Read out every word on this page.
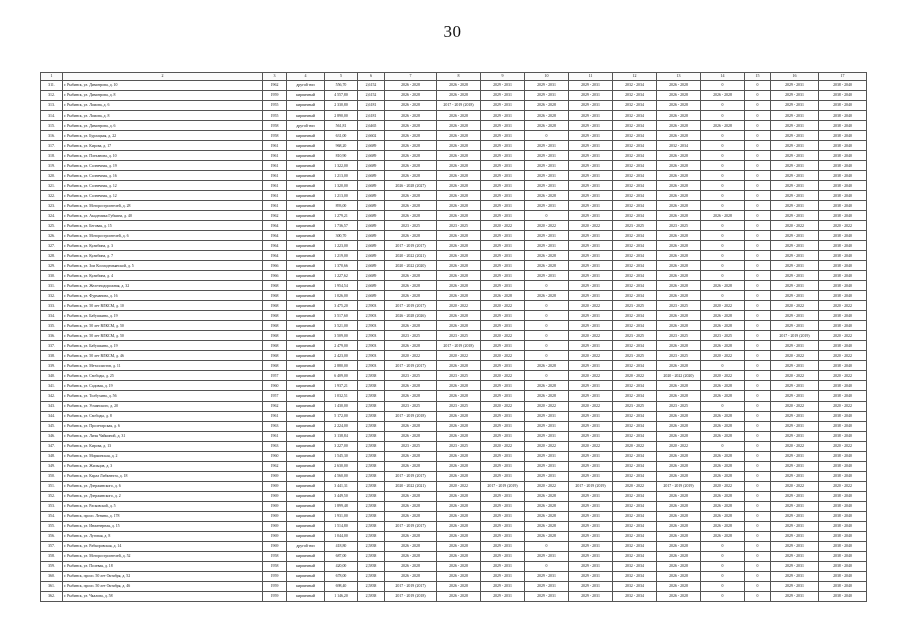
30
1	2	3	4	5	6	7	8	9	10	11	12	13	14	15	16	17
311.	г. Рыбинск, ул. Димитрова, д. 10	1962	другой тип	556,70	2,6152	2026 - 2028	2026 - 2028	2029 - 2031	2029 - 2031	2029 - 2031	2032 - 2034	2026 - 2028	0	0	2029 - 2031	2038 - 2040
312.	г. Рыбинск, ул. Димитрова, д. 8	1959	кирпичный	4 557,80	2,6152	2026 - 2028	2026 - 2028	2029 - 2031	2029 - 2031	2029 - 2031	2032 - 2034	2026 - 2028	2026 - 2028	0	2029 - 2031	2038 - 2040
313.	г. Рыбинск, ул. Ломова, д. 6	1955	кирпичный	2 330,80	2,6181	2026 - 2028	2017 - 2019 (2018)	2029 - 2031	2026 - 2028	2029 - 2031	2032 - 2034	2026 - 2028	0	0	2029 - 2031	2038 - 2040
314.	г. Рыбинск, ул. Ломова, д. 8	1955	кирпичный	2 890,00	2,6181	2026 - 2028	2026 - 2028	2029 - 2031	2026 - 2028	2029 - 2031	2032 - 2034	2026 - 2028	0	0	2029 - 2031	2038 - 2040
315.	г. Рыбинск, ул. Димитрова, д. 6	1958	другой тип	561,81	2,6465	2026 - 2028	2026 - 2028	2029 - 2031	2026 - 2028	2029 - 2031	2032 - 2034	2026 - 2028	2026 - 2028	0	2029 - 2031	2038 - 2040
316.	г. Рыбинск, ул. Бурлацкая, д. 22	1958	кирпичный	631,00	2,6602	2026 - 2028	2026 - 2028	2029 - 2031	0	2029 - 2031	2032 - 2034	2026 - 2028	0	0	2029 - 2031	2038 - 2040
317.	г. Рыбинск, ул. Кирова, д. 17	1961	кирпичный	968,20	2,6689	2026 - 2028	2026 - 2028	2029 - 2031	2029 - 2031	2029 - 2031	2032 - 2034	2032 - 2034	0	0	2029 - 2031	2038 - 2040
318.	г. Рыбинск, ул. Плеханова, д. 10	1961	кирпичный	810,90	2,6689	2026 - 2028	2026 - 2028	2029 - 2031	2029 - 2031	2029 - 2031	2032 - 2034	2026 - 2028	0	0	2029 - 2031	2038 - 2040
319.	г. Рыбинск, ул. Солнечная, д. 19	1961	кирпичный	1 322,00	2,6689	2026 - 2028	2026 - 2028	2029 - 2031	2029 - 2031	2029 - 2031	2032 - 2034	2026 - 2028	0	0	2029 - 2031	2038 - 2040
320.	г. Рыбинск, ул. Солнечная, д. 16	1961	кирпичный	1 213,00	2,6689	2026 - 2028	2026 - 2028	2029 - 2031	2029 - 2031	2029 - 2031	2032 - 2034	2026 - 2028	0	0	2029 - 2031	2038 - 2040
321.	г. Рыбинск, ул. Солнечная, д. 12	1961	кирпичный	1 320,00	2,6689	2026 - 2028 (2027)	2026 - 2028	2029 - 2031	2029 - 2031	2029 - 2031	2032 - 2034	2026 - 2028	0	0	2029 - 2031	2038 - 2040
322.	г. Рыбинск, ул. Солнечная, д. 12	1961	кирпичный	1 213,00	2,6689	2026 - 2028	2026 - 2028	2029 - 2031	2026 - 2028	2029 - 2031	2032 - 2034	2026 - 2028	0	0	2029 - 2031	2038 - 2040
323.	г. Рыбинск, ул. Моторостроителей, д. 28	1961	кирпичный	893,00	2,6689	2026 - 2028	2026 - 2028	2029 - 2031	2029 - 2031	2029 - 2031	2032 - 2034	2026 - 2028	0	0	2029 - 2031	2038 - 2040
324.	г. Рыбинск, ул. Академика Губкина, д. 40	1962	кирпичный	1 279,21	2,6689	2026 - 2028	2026 - 2028	2029 - 2031	0	2029 - 2031	2032 - 2034	2026 - 2028	2026 - 2028	0	2029 - 2031	2038 - 2040
325.	г. Рыбинск, ул. Беговая, д. 15	1964	кирпичный	1 736,57	2,6689	2023 - 2025	2023 - 2025	2020 - 2022	2020 - 2022	2020 - 2022	2023 - 2025	2023 - 2025	0	0	2020 - 2022	2020 - 2022
326.	г. Рыбинск, ул. Моторостроителей, д. 6	1964	кирпичный	300,70	2,6689	2026 - 2028	2026 - 2028	2029 - 2031	2029 - 2031	2029 - 2031	2032 - 2034	2026 - 2028	0	0	2029 - 2031	2038 - 2040
327.	г. Рыбинск, ул. Кулибина, д. 3	1964	кирпичный	1 223,00	2,6689	2017 - 2019 (2017)	2026 - 2028	2029 - 2031	2029 - 2031	2029 - 2031	2032 - 2034	2026 - 2028	0	0	2029 - 2031	2038 - 2040
328.	г. Рыбинск, ул. Кулибина, д. 7	1964	кирпичный	1 219,00	2,6689	2020 - 2022 (2021)	2026 - 2028	2029 - 2031	2026 - 2028	2029 - 2031	2032 - 2034	2026 - 2028	0	0	2029 - 2031	2038 - 2040
329.	г. Рыбинск, ул. Зои Космодемьянской, д. 5	1966	кирпичный	1 370,66	2,6689	2020 - 2022 (2020)	2026 - 2028	2029 - 2031	2026 - 2028	2029 - 2031	2032 - 2034	2026 - 2028	0	0	2029 - 2031	2038 - 2040
330.	г. Рыбинск, ул. Кулибина, д. 4	1966	кирпичный	1 227,62	2,6689	2026 - 2028	2026 - 2028	2029 - 2031	2029 - 2031	2029 - 2031	2032 - 2034	2026 - 2028	0	0	2029 - 2031	2038 - 2040
331.	г. Рыбинск, ул. Железнодорожная, д. 32	1968	кирпичный	1 954,54	2,6689	2026 - 2028	2026 - 2028	2029 - 2031	0	2029 - 2031	2032 - 2034	2026 - 2028	2026 - 2028	0	2029 - 2031	2038 - 2040
332.	г. Рыбинск, ул. Фурманова, д. 16	1968	кирпичный	1 026,00	2,6689	2026 - 2028	2026 - 2028	2026 - 2028	2026 - 2028	2029 - 2031	2032 - 2034	2026 - 2028	0	0	2029 - 2031	2038 - 2040
333.	г. Рыбинск, ул. 50 лет ВЛКСМ, д. 10	1968	кирпичный	3 475,20	2,5903	2017 - 2019 (2017)	2020 - 2022	2020 - 2022	0	2020 - 2022	2023 - 2025	2023 - 2025	2020 - 2022	0	2020 - 2022	2020 - 2022
334.	г. Рыбинск, ул. Бабушкина, д. 19	1968	кирпичный	3 517,60	2,5903	2026 - 2028 (2026)	2026 - 2028	2029 - 2031	0	2029 - 2031	2032 - 2034	2026 - 2028	2026 - 2028	0	2029 - 2031	2038 - 2040
335.	г. Рыбинск, ул. 50 лет ВЛКСМ, д. 50	1968	кирпичный	3 521,00	2,5903	2026 - 2028	2026 - 2028	2029 - 2031	0	2029 - 2031	2032 - 2034	2026 - 2028	2026 - 2028	0	2029 - 2031	2038 - 2040
336.	г. Рыбинск, ул. 50 лет ВЛКСМ, д. 50	1968	кирпичный	3 509,00	2,5903	2023 - 2025	2023 - 2025	2020 - 2022	0	2020 - 2022	2023 - 2025	2023 - 2025	2023 - 2025	0	2017 - 2019 (2019)	2020 - 2022
337.	г. Рыбинск, ул. Бабушкина, д. 19	1968	кирпичный	2 479,00	2,5903	2026 - 2028	2017 - 2019 (2018)	2029 - 2031	0	2029 - 2031	2032 - 2034	2026 - 2028	2026 - 2028	0	2029 - 2031	2038 - 2040
338.	г. Рыбинск, ул. 50 лет ВЛКСМ, д. 46	1968	кирпичный	2 423,00	2,5903	2020 - 2022	2020 - 2022	2020 - 2022	0	2020 - 2022	2023 - 2025	2023 - 2025	2020 - 2022	0	2020 - 2022	2020 - 2022
339.	г. Рыбинск, ул. Металлистов, д. 11	1968	кирпичный	2 880,00	2,5903	2017 - 2019 (2017)	2026 - 2028	2029 - 2031	2026 - 2028	2029 - 2031	2032 - 2034	2026 - 2028	0	0	2029 - 2031	2038 - 2040
340.	г. Рыбинск, ул. Свободы, д. 25	1957	кирпичный	6 409,00	2,5838	2023 - 2025	2023 - 2025	2020 - 2022	0	2020 - 2022	2020 - 2022	2020 - 2022 (2020)	2020 - 2022	0	2020 - 2022	2020 - 2022
341.	г. Рыбинск, ул. Садовая, д. 19	1960	кирпичный	1 937,21	2,5838	2026 - 2028	2026 - 2028	2029 - 2031	2026 - 2028	2029 - 2031	2032 - 2034	2026 - 2028	2026 - 2028	0	2029 - 2031	2038 - 2040
342.	г. Рыбинск, ул. Толбухина, д. 56	1957	кирпичный	1 032,51	2,5838	2026 - 2028	2026 - 2028	2029 - 2031	2026 - 2028	2029 - 2031	2032 - 2034	2026 - 2028	2026 - 2028	0	2029 - 2031	2038 - 2040
343.	г. Рыбинск, ул. Усманского, д. 20	1962	кирпичный	1 430,00	2,5838	2023 - 2025	2023 - 2025	2020 - 2022	2020 - 2022	2020 - 2022	2023 - 2025	2023 - 2025	0	0	2020 - 2022	2020 - 2022
344.	г. Рыбинск, ул. Свободы, д. 8	1961	кирпичный	5 172,00	2,5838	2017 - 2019 (2018)	2026 - 2028	2029 - 2031	2029 - 2031	2029 - 2031	2032 - 2034	2026 - 2028	2026 - 2028	0	2029 - 2031	2038 - 2040
345.	г. Рыбинск, ул. Пролетарская, д. 6	1963	кирпичный	2 224,00	2,5838	2026 - 2028	2026 - 2028	2029 - 2031	2029 - 2031	2029 - 2031	2032 - 2034	2026 - 2028	2026 - 2028	0	2029 - 2031	2038 - 2040
346.	г. Рыбинск, ул. Лизы Чайкиной, д. 31	1961	кирпичный	3 138,84	2,5838	2026 - 2028	2026 - 2028	2029 - 2031	2029 - 2031	2029 - 2031	2032 - 2034	2026 - 2028	2026 - 2028	0	2029 - 2031	2038 - 2040
347.	г. Рыбинск, ул. Кирова, д. 13	1963	кирпичный	3 227,00	2,5838	2023 - 2025	2023 - 2025	2020 - 2022	2020 - 2022	2020 - 2022	2020 - 2022	2020 - 2022	0	0	2020 - 2022	2020 - 2022
348.	г. Рыбинск, ул. Моркинская, д. 2	1960	кирпичный	1 545,30	2,5838	2026 - 2028	2026 - 2028	2029 - 2031	2029 - 2031	2029 - 2031	2032 - 2034	2026 - 2028	2026 - 2028	0	2029 - 2031	2038 - 2040
349.	г. Рыбинск, ул. Жильцов, д. 3	1962	кирпичный	2 630,00	2,5838	2026 - 2028	2026 - 2028	2029 - 2031	2029 - 2031	2029 - 2031	2032 - 2034	2026 - 2028	2026 - 2028	0	2029 - 2031	2038 - 2040
350.	г. Рыбинск, ул. Карла Либкнехта, д. 18	1969	кирпичный	4 560,00	2,5838	2017 - 2019 (2017)	2026 - 2028	2029 - 2031	2029 - 2031	2029 - 2031	2032 - 2034	2026 - 2028	2026 - 2028	0	2029 - 2031	2038 - 2040
351.	г. Рыбинск, ул. Дзержинского, д. 6	1969	кирпичный	3 441,31	2,5838	2020 - 2022 (2021)	2020 - 2022	2017 - 2019 (2019)	2020 - 2022	2017 - 2019 (2019)	2020 - 2022	2017 - 2019 (2019)	2020 - 2022	0	2020 - 2022	2020 - 2022
352.	г. Рыбинск, ул. Дзержинского, д. 2	1969	кирпичный	3 449,50	2,5838	2026 - 2028	2026 - 2028	2029 - 2031	2026 - 2028	2029 - 2031	2032 - 2034	2026 - 2028	2026 - 2028	0	2029 - 2031	2038 - 2040
353.	г. Рыбинск, ул. Расковской, д. 5	1969	кирпичный	1 899,48	2,5838	2026 - 2028	2026 - 2028	2029 - 2031	2026 - 2028	2029 - 2031	2032 - 2034	2026 - 2028	2026 - 2028	0	2029 - 2031	2038 - 2040
354.	г. Рыбинск, просп. Ленина, д. 178	1969	кирпичный	1 931,00	2,5838	2026 - 2028	2026 - 2028	2029 - 2031	2026 - 2028	2029 - 2031	2032 - 2034	2026 - 2028	2026 - 2028	0	2029 - 2031	2038 - 2040
355.	г. Рыбинск, ул. Инженерная, д. 15	1969	кирпичный	1 514,80	2,5838	2017 - 2019 (2017)	2026 - 2028	2029 - 2031	2026 - 2028	2029 - 2031	2032 - 2034	2026 - 2028	2026 - 2028	0	2029 - 2031	2038 - 2040
356.	г. Рыбинск, ул. Луговая, д. 8	1969	кирпичный	1 044,00	2,5838	2026 - 2028	2026 - 2028	2029 - 2031	2026 - 2028	2029 - 2031	2032 - 2034	2026 - 2028	2026 - 2028	0	2029 - 2031	2038 - 2040
357.	г. Рыбинск, ул. Рабкоровская, д. 14	1969	другой тип	418,80	2,5838	2026 - 2028	2026 - 2028	2029 - 2031	0	2029 - 2031	2032 - 2034	2026 - 2028	0	0	2029 - 2031	2038 - 2040
358.	г. Рыбинск, ул. Моторостроителей, д. 52	1958	кирпичный	687,00	2,5838	2026 - 2028	2026 - 2028	2029 - 2031	2029 - 2031	2029 - 2031	2032 - 2034	2026 - 2028	0	0	2029 - 2031	2038 - 2040
359.	г. Рыбинск, ул. Полевая, д. 18	1958	кирпичный	420,00	2,5838	2026 - 2028	2026 - 2028	2029 - 2031	0	2029 - 2031	2032 - 2034	2026 - 2028	0	0	2029 - 2031	2038 - 2040
360.	г. Рыбинск, просп. 50 лет Октября, д. 52	1959	кирпичный	678,00	2,5838	2026 - 2028	2026 - 2028	2029 - 2031	2029 - 2031	2029 - 2031	2032 - 2034	2026 - 2028	0	0	2029 - 2031	2038 - 2040
361.	г. Рыбинск, просп. 50 лет Октября, д. 46	1959	кирпичный	698,40	2,5838	2017 - 2019 (2017)	2026 - 2028	2029 - 2031	2029 - 2031	2029 - 2031	2032 - 2034	2026 - 2028	0	0	2029 - 2031	2038 - 2040
362.	г. Рыбинск, ул. Чкалова, д. 58	1959	кирпичный	1 146,20	2,5838	2017 - 2019 (2018)	2026 - 2028	2029 - 2031	2029 - 2031	2029 - 2031	2032 - 2034	2026 - 2028	0	0	2029 - 2031	2038 - 2040
